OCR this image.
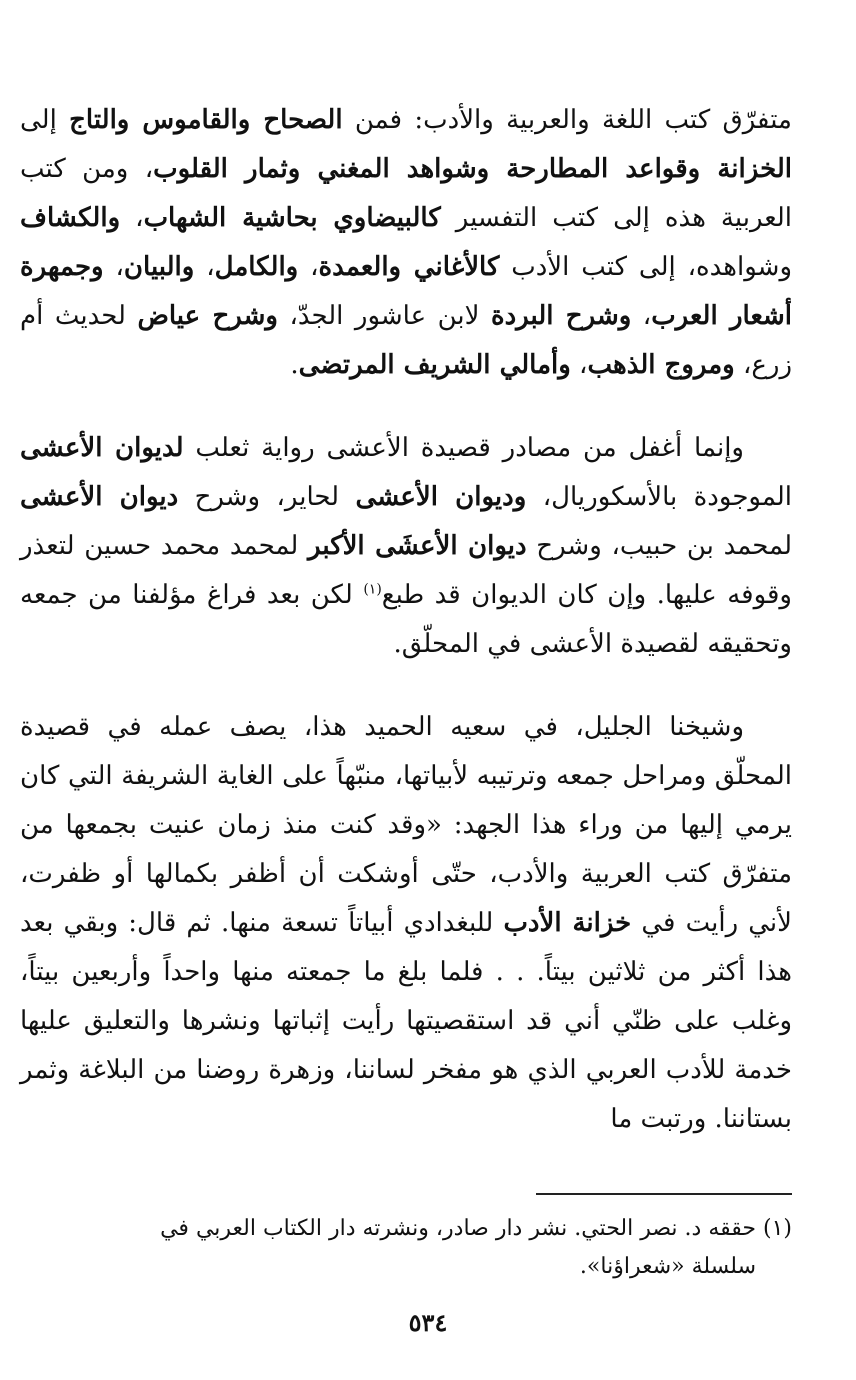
متفرّق كتب اللغة والعربية والأدب: فمن الصحاح والقاموس والتاج إلى الخزانة وقواعد المطارحة وشواهد المغني وثمار القلوب، ومن كتب العربية هذه إلى كتب التفسير كالبيضاوي بحاشية الشهاب، والكشاف وشواهده، إلى كتب الأدب كالأغاني والعمدة، والكامل، والبيان، وجمهرة أشعار العرب، وشرح البردة لابن عاشور الجدّ، وشرح عياض لحديث أم زرع، ومروج الذهب، وأمالي الشريف المرتضى.

وإنما أغفل من مصادر قصيدة الأعشى رواية ثعلب لديوان الأعشى الموجودة بالأسكوريال، وديوان الأعشى لحاير، وشرح ديوان الأعشى لمحمد بن حبيب، وشرح ديوان الأعشَى الأكبر لمحمد محمد حسين لتعذر وقوفه عليها. وإن كان الديوان قد طبع$^{(١)}$ لكن بعد فراغ مؤلفنا من جمعه وتحقيقه لقصيدة الأعشى في المحلّق.

وشيخنا الجليل، في سعيه الحميد هذا، يصف عمله في قصيدة المحلّق ومراحل جمعه وترتيبه لأبياتها، منبّهاً على الغاية الشريفة التي كان يرمي إليها من وراء هذا الجهد: «وقد كنت منذ زمان عنيت بجمعها من متفرّق كتب العربية والأدب، حتّى أوشكت أن أظفر بكمالها أو ظفرت، لأني رأيت في خزانة الأدب للبغدادي أبياتاً تسعة منها. ثم قال: وبقي بعد هذا أكثر من ثلاثين بيتاً. . . فلما بلغ ما جمعته منها واحداً وأربعين بيتاً، وغلب على ظنّي أني قد استقصيتها رأيت إثباتها ونشرها والتعليق عليها خدمة للأدب العربي الذي هو مفخر لساننا، وزهرة روضنا من البلاغة وثمر بستاننا. ورتبت ما

(١) حققه د. نصر الحتي. نشر دار صادر، ونشرته دار الكتاب العربي في
سلسلة «شعراؤنا».
٥٣٤
